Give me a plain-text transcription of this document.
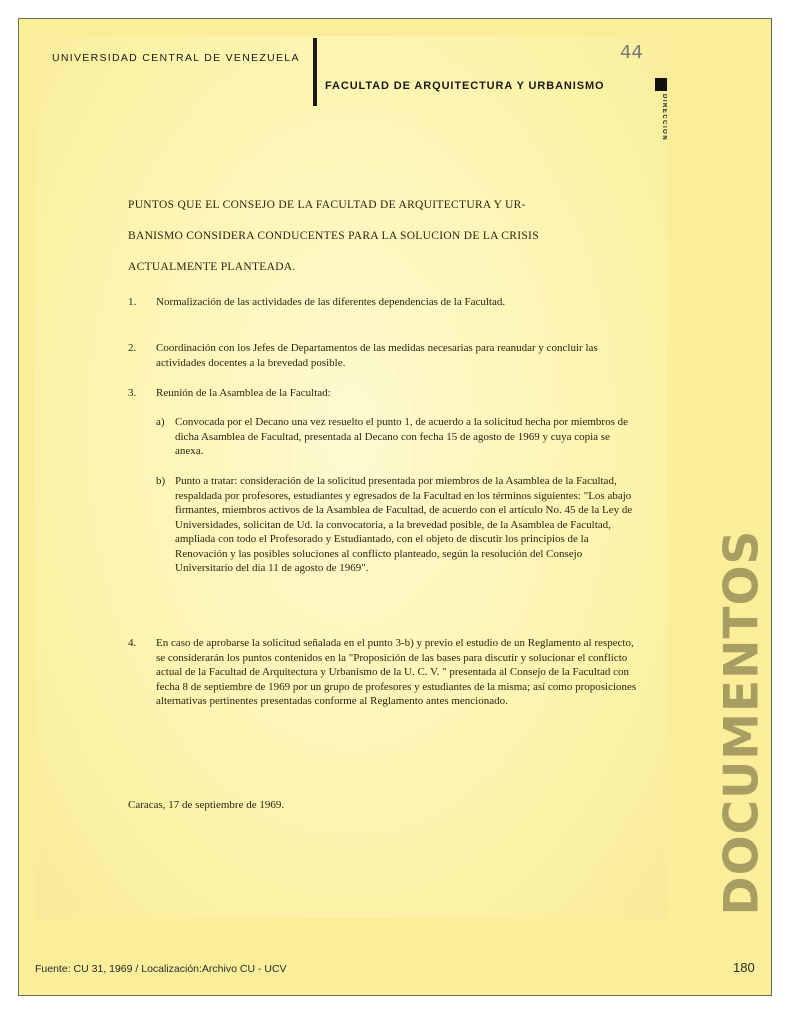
UNIVERSIDAD CENTRAL DE VENEZUELA
FACULTAD DE ARQUITECTURA Y URBANISMO
DIRECCION
44
PUNTOS QUE EL CONSEJO DE LA FACULTAD DE ARQUITECTURA Y UR-
BANISMO CONSIDERA CONDUCENTES PARA LA SOLUCION DE LA CRISIS
ACTUALMENTE PLANTEADA.
1. Normalización de las actividades de las diferentes dependencias de la Facultad.
2. Coordinación con los Jefes de Departamentos de las medidas necesarias para reanudar y concluir las actividades docentes a la brevedad posible.
3. Reunión de la Asamblea de la Facultad:
a) Convocada por el Decano una vez resuelto el punto 1, de acuerdo a la solicitud hecha por miembros de dicha Asamblea de Facultad, presentada al Decano con fecha 15 de agosto de 1969 y cuya copia se anexa.
b) Punto a tratar: consideración de la solicitud presentada por miembros de la Asamblea de la Facultad, respaldada por profesores, estudiantes y egresados de la Facultad en los términos siguientes: "Los abajo firmantes, miembros activos de la Asamblea de Facultad, de acuerdo con el artículo No. 45 de la Ley de Universidades, solicitan de Ud. la convocatoria, a la brevedad posible, de la Asamblea de Facultad, ampliada con todo el Profesorado y Estudiantado, con el objeto de discutir los principios de la Renovación y las posibles soluciones al conflicto planteado, según la resolución del Consejo Universitario del día 11 de agosto de 1969".
4. En caso de aprobarse la solicitud señalada en el punto 3-b) y previo el estudio de un Reglamento al respecto, se considerarán los puntos contenidos en la "Proposición de las bases para discutir y solucionar el conflicto actual de la Facultad de Arquitectura y Urbanismo de la U. C. V. " presentada al Consejo de la Facultad con fecha 8 de septiembre de 1969 por un grupo de profesores y estudiantes de la misma; así como proposiciones alternativas pertinentes presentadas conforme al Reglamento antes mencionado.
Caracas, 17 de septiembre de 1969.	DOCUMENTOS
Fuente: CU 31, 1969 / Localización:Archivo CU - UCV	180
